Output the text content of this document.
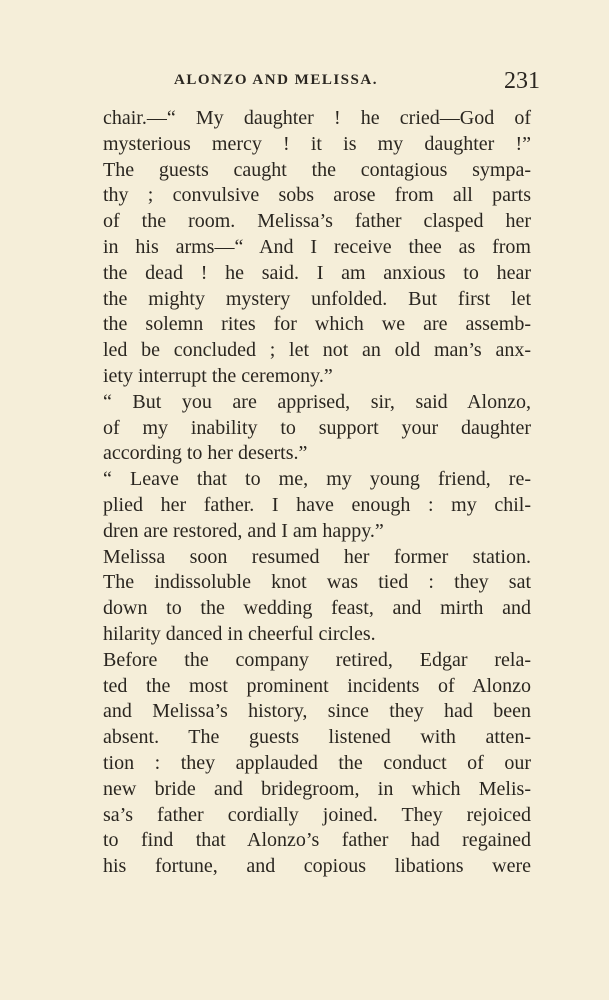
ALONZO AND MELISSA.	231
chair.—“ My daughter ! he cried—God of
mysterious mercy ! it is my daughter !”
The guests caught the contagious sympa-
thy ; convulsive sobs arose from all parts
of the room. Melissa’s father clasped her
in his arms—“ And I receive thee as from
the dead ! he said. I am anxious to hear
the mighty mystery unfolded. But first let
the solemn rites for which we are assemb-
led be concluded ; let not an old man’s anx-
iety interrupt the ceremony.”
“ But you are apprised, sir, said Alonzo,
of my inability to support your daughter
according to her deserts.”
“ Leave that to me, my young friend, re-
plied her father. I have enough : my chil-
dren are restored, and I am happy.”
Melissa soon resumed her former station.
The indissoluble knot was tied : they sat
down to the wedding feast, and mirth and
hilarity danced in cheerful circles.
Before the company retired, Edgar rela-
ted the most prominent incidents of Alonzo
and Melissa’s history, since they had been
absent. The guests listened with atten-
tion : they applauded the conduct of our
new bride and bridegroom, in which Melis-
sa’s father cordially joined. They rejoiced
to find that Alonzo’s father had regained
his fortune, and copious libations were
